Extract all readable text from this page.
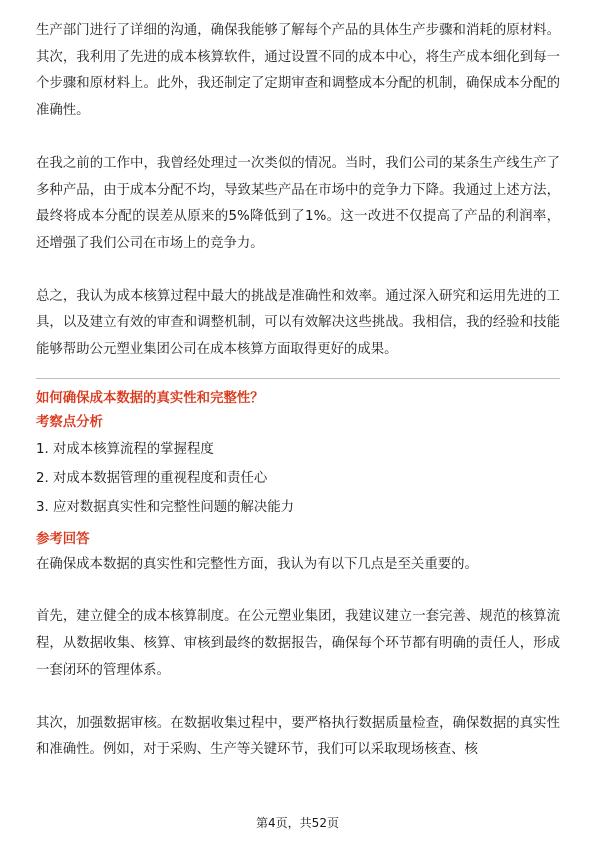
生产部门进行了详细的沟通，确保我能够了解每个产品的具体生产步骤和消耗的原材料。其次，我利用了先进的成本核算软件，通过设置不同的成本中心，将生产成本细化到每一个步骤和原材料上。此外，我还制定了定期审查和调整成本分配的机制，确保成本分配的准确性。

在我之前的工作中，我曾经处理过一次类似的情况。当时，我们公司的某条生产线生产了多种产品，由于成本分配不均，导致某些产品在市场中的竞争力下降。我通过上述方法，最终将成本分配的误差从原来的5%降低到了1%。这一改进不仅提高了产品的利润率，还增强了我们公司在市场上的竞争力。

总之，我认为成本核算过程中最大的挑战是准确性和效率。通过深入研究和运用先进的工具，以及建立有效的审查和调整机制，可以有效解决这些挑战。我相信，我的经验和技能能够帮助公元塑业集团公司在成本核算方面取得更好的成果。

如何确保成本数据的真实性和完整性？

考察点分析

1. 对成本核算流程的掌握程度
2. 对成本数据管理的重视程度和责任心
3. 应对数据真实性和完整性问题的解决能力

参考回答

在确保成本数据的真实性和完整性方面，我认为有以下几点是至关重要的。

首先，建立健全的成本核算制度。在公元塑业集团，我建议建立一套完善、规范的核算流程，从数据收集、核算、审核到最终的数据报告，确保每个环节都有明确的责任人，形成一套闭环的管理体系。

其次，加强数据审核。在数据收集过程中，要严格执行数据质量检查，确保数据的真实性和准确性。例如，对于采购、生产等关键环节，我们可以采取现场核查、核

第4页，共52页
